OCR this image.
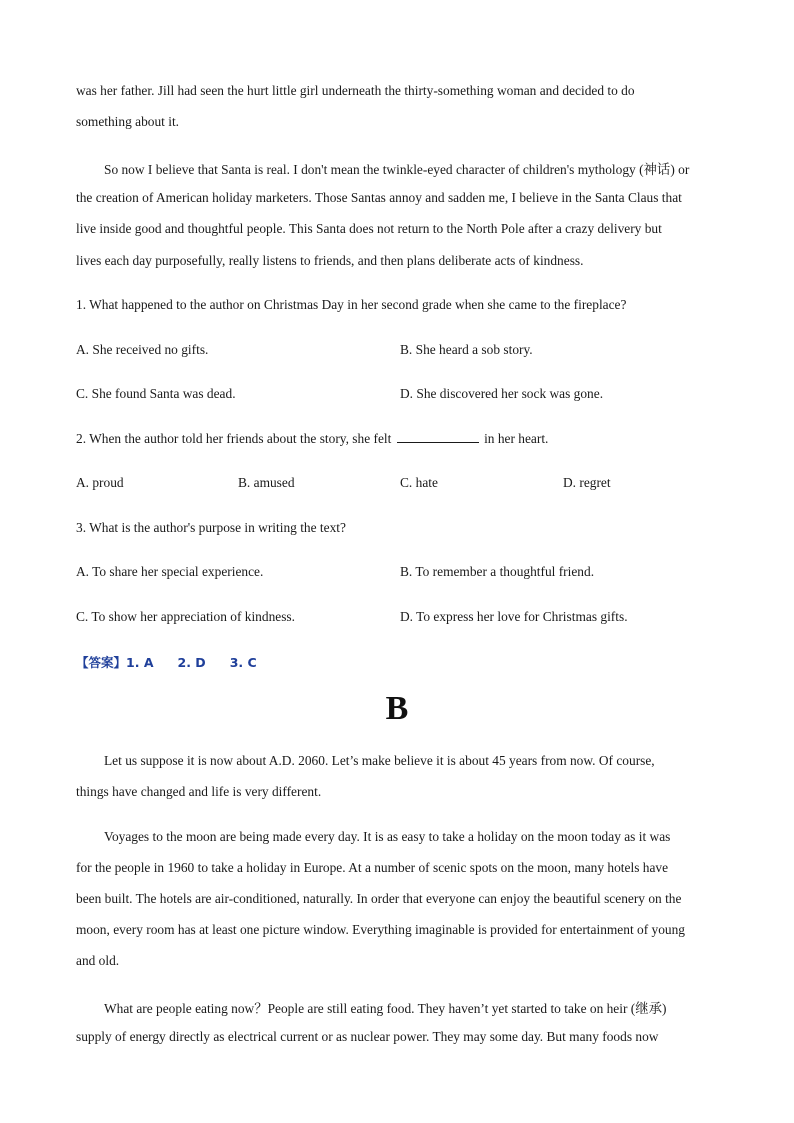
was her father. Jill had seen the hurt little girl underneath the thirty-something woman and decided to do
something about it.
So now I believe that Santa is real. I don't mean the twinkle-eyed character of children's mythology (神话) or
the creation of American holiday marketers. Those Santas annoy and sadden me, I believe in the Santa Claus that
live inside good and thoughtful people. This Santa does not return to the North Pole after a crazy delivery but
lives each day purposefully, really listens to friends, and then plans deliberate acts of kindness.
1. What happened to the author on Christmas Day in her second grade when she came to the fireplace?
A. She received no gifts.	B. She heard a sob story.
C. She found Santa was dead.	D. She discovered her sock was gone.
2. When the author told her friends about the story, she felt	in her heart.
A. proud	B. amused	C. hate	D. regret
3. What is the author's purpose in writing the text?
A. To share her special experience.	B. To remember a thoughtful friend.
C. To show her appreciation of kindness.	D. To express her love for Christmas gifts.
【答案】1. A 2. D 3. C
B
Let us suppose it is now about A.D. 2060. Let’s make believe it is about 45 years from now. Of course,
things have changed and life is very different.
Voyages to the moon are being made every day. It is as easy to take a holiday on the moon today as it was
for the people in 1960 to take a holiday in Europe. At a number of scenic spots on the moon, many hotels have
been built. The hotels are air-conditioned, naturally. In order that everyone can enjoy the beautiful scenery on the
moon, every room has at least one picture window. Everything imaginable is provided for entertainment of young
and old.
What are people eating now？People are still eating food. They haven’t yet started to take on heir (继承)
supply of energy directly as electrical current or as nuclear power. They may some day. But many foods now
